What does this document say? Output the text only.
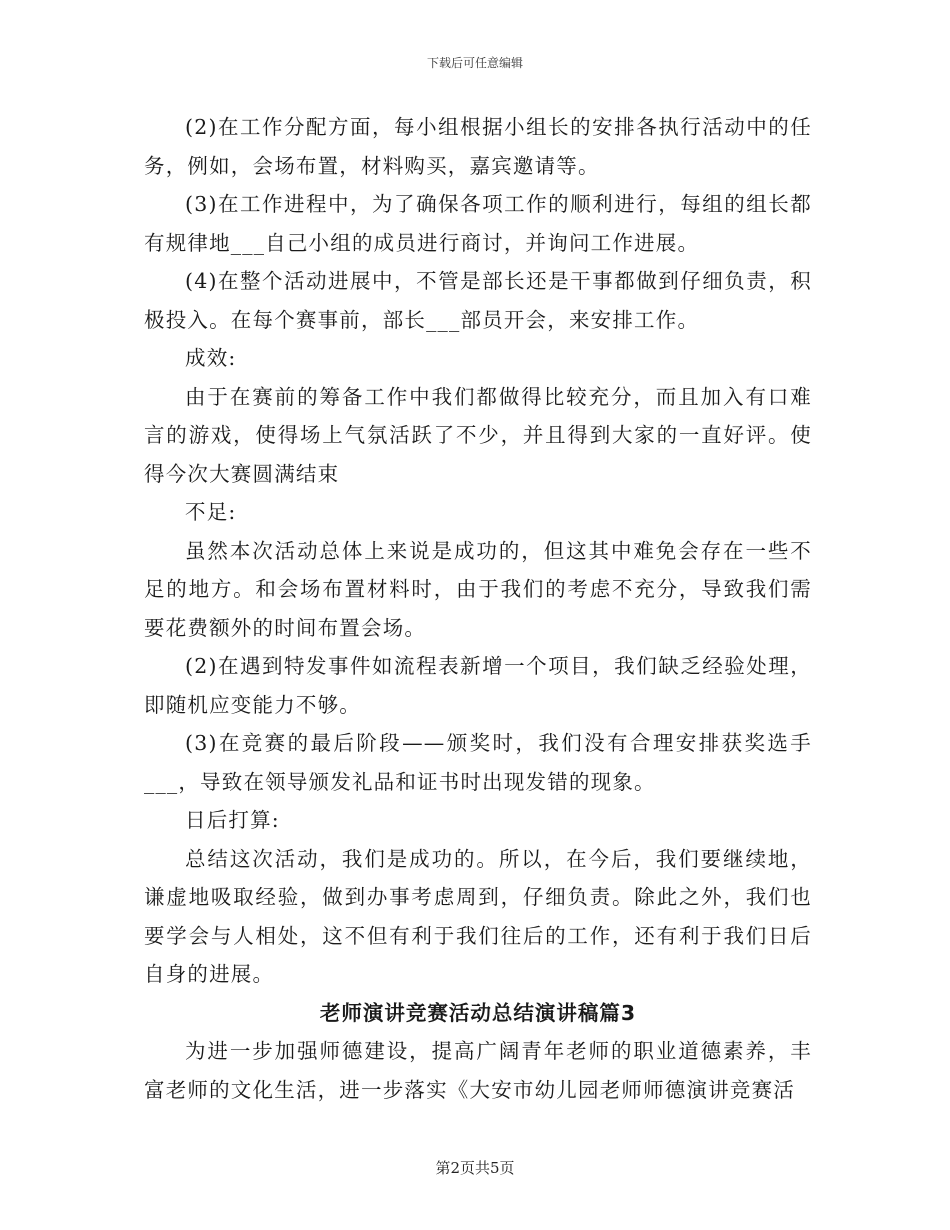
下载后可任意编辑

(2)在工作分配方面，每小组根据小组长的安排各执行活动中的任务，例如，会场布置，材料购买，嘉宾邀请等。

(3)在工作进程中，为了确保各项工作的顺利进行，每组的组长都有规律地___自己小组的成员进行商讨，并询问工作进展。

(4)在整个活动进展中，不管是部长还是干事都做到仔细负责，积极投入。在每个赛事前，部长___部员开会，来安排工作。

成效:

由于在赛前的筹备工作中我们都做得比较充分，而且加入有口难言的游戏，使得场上气氛活跃了不少，并且得到大家的一直好评。使得今次大赛圆满结束

不足:

虽然本次活动总体上来说是成功的，但这其中难免会存在一些不足的地方。和会场布置材料时，由于我们的考虑不充分，导致我们需要花费额外的时间布置会场。

(2)在遇到特发事件如流程表新增一个项目，我们缺乏经验处理，即随机应变能力不够。

(3)在竞赛的最后阶段——颁奖时，我们没有合理安排获奖选手___，导致在领导颁发礼品和证书时出现发错的现象。

日后打算:

总结这次活动，我们是成功的。所以，在今后，我们要继续地，谦虚地吸取经验，做到办事考虑周到，仔细负责。除此之外，我们也要学会与人相处，这不但有利于我们往后的工作，还有利于我们日后自身的进展。

老师演讲竞赛活动总结演讲稿篇3

为进一步加强师德建设，提高广阔青年老师的职业道德素养，丰富老师的文化生活，进一步落实《大安市幼儿园老师师德演讲竞赛活

第2页共5页
